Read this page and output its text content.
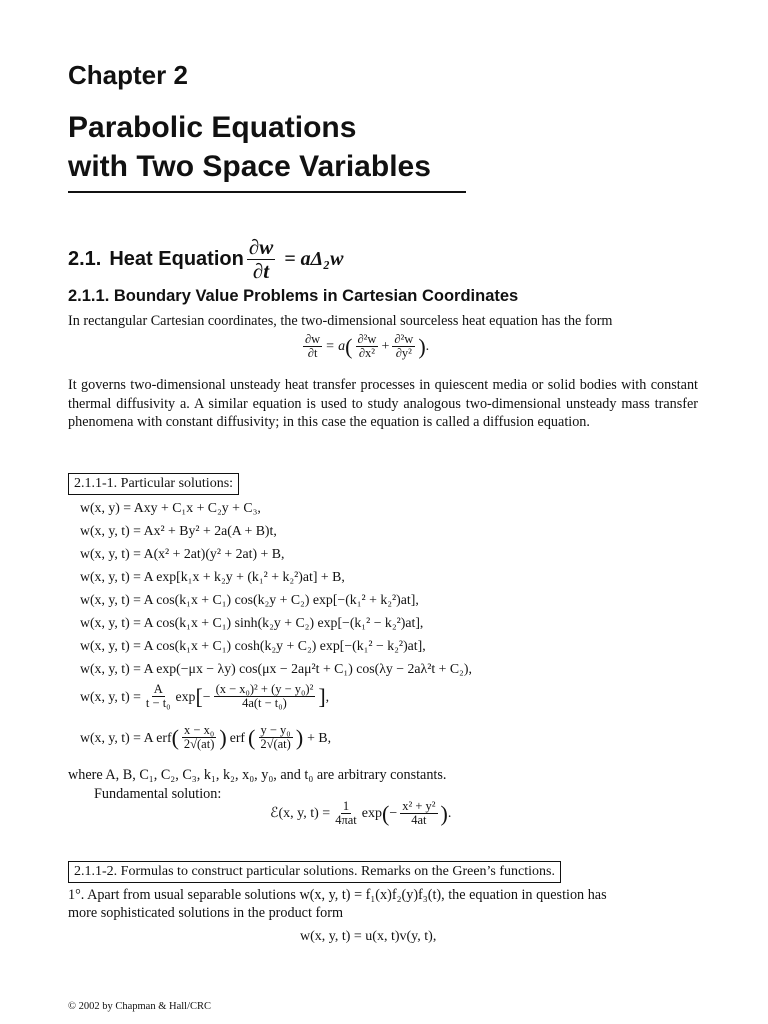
Chapter 2
Parabolic Equations
with Two Space Variables
2.1. Heat Equation $\frac{\partial w}{\partial t} = a\Delta_2w$
2.1.1. Boundary Value Problems in Cartesian Coordinates
In rectangular Cartesian coordinates, the two-dimensional sourceless heat equation has the form
$\frac{\partial w}{\partial t} = a$ ( $\frac{\text{∂²w}}{\text{∂x²}} + \frac{\text{∂²w}}{\text{∂y²}}$ ) .
It governs two-dimensional unsteady heat transfer processes in quiescent media or solid bodies with constant thermal diffusivity a. A similar equation is used to study analogous two-dimensional unsteady mass transfer phenomena with constant diffusivity; in this case the equation is called a diffusion equation.
2.1.1-1. Particular solutions:
w(x, y) = Axy + C₁x + C₂y + C₃,
w(x, y, t) = Ax² + By² + 2a(A + B)t,
w(x, y, t) = A(x² + 2at)(y² + 2at) + B,
w(x, y, t) = A exp[k₁x + k₂y + (k₁² + k₂²)at] + B,
w(x, y, t) = A cos(k₁x + C₁) cos(k₂y + C₂) exp[−(k₁² + k₂²)at],
w(x, y, t) = A cos(k₁x + C₁) sinh(k₂y + C₂) exp[−(k₁² − k₂²)at],
w(x, y, t) = A cos(k₁x + C₁) cosh(k₂y + C₂) exp[−(k₁² − k₂²)at],
w(x, y, t) = A exp(−μx − λy) cos(μx − 2aμ²t + C₁) cos(λy − 2aλ²t + C₂),
w(x, y, $t) = \frac{A}{\text{t − t₀}}$ exp [ − $\frac{\text{(x − x₀)² + (y − y₀)²}}{\text{4a(t − t₀)}}$ ] ,
w(x, y, t) = A erf ( $\frac{\text{x − x₀}}{2√(at)}$ ) erf ( $\frac{\text{y − y₀}}{2√(at)}$ ) + B,
where A, B, C₁, C₂, C₃, k₁, k₂, x₀, y₀, and t₀ are arbitrary constants.
Fundamental solution:
ℰ(x, y, $t) = \frac{1}{\text{4πat}}$ exp ( − $\frac{\text{x² + y²}}{4at}$ ) .
2.1.1-2. Formulas to construct particular solutions. Remarks on the Green’s functions.
1°. Apart from usual separable solutions w(x, y, t) = f₁(x)f₂(y)f₃(t), the equation in question has
more sophisticated solutions in the product form
w(x, y, t) = u(x, t)v(y, t),
© 2002 by Chapman & Hall/CRC
